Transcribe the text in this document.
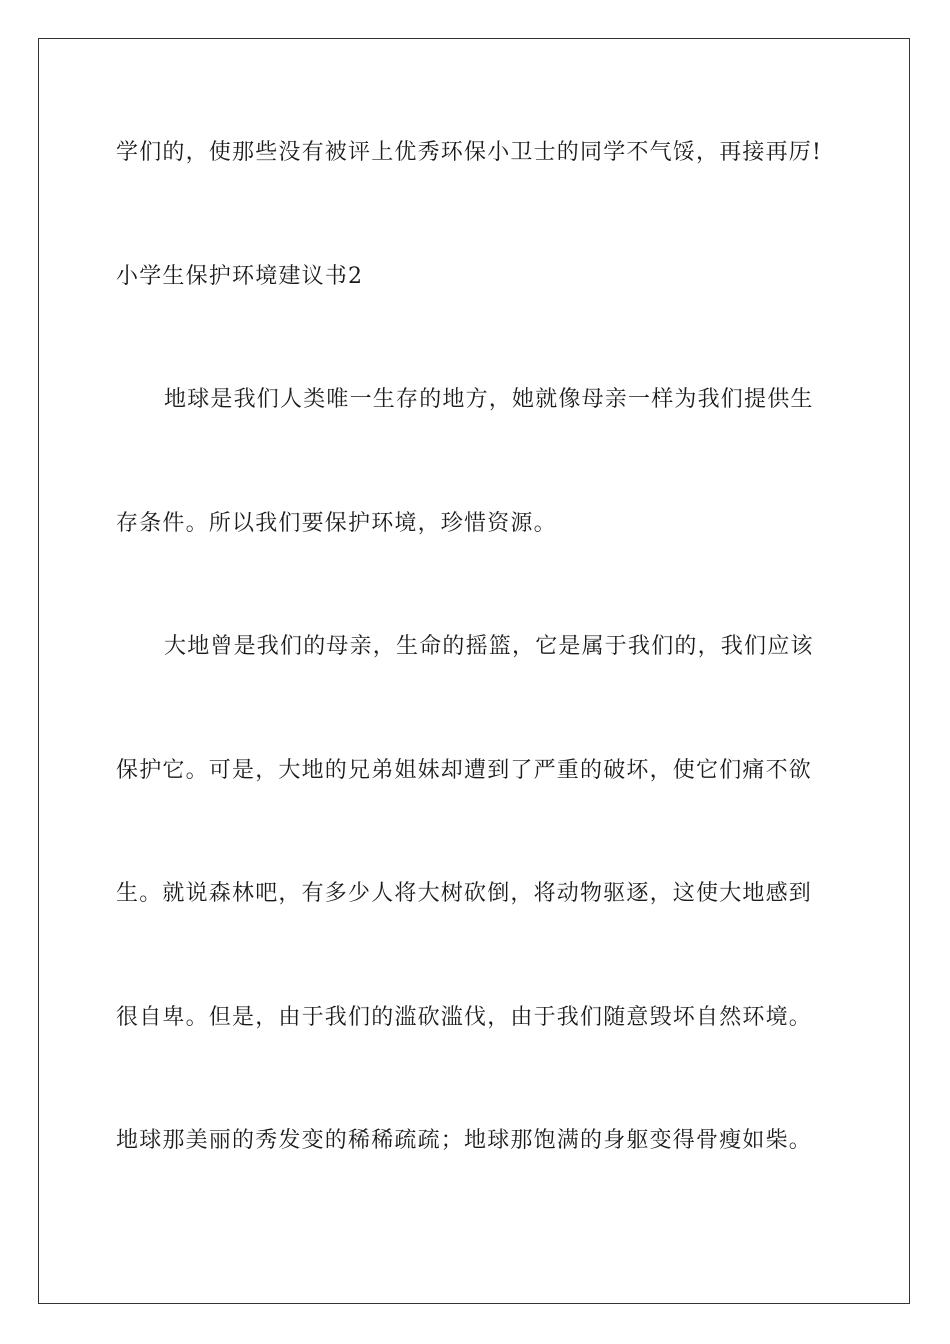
学们的，使那些没有被评上优秀环保小卫士的同学不气馁，再接再厉!
小学生保护环境建议书2
地球是我们人类唯一生存的地方，她就像母亲一样为我们提供生
存条件。所以我们要保护环境，珍惜资源。
大地曾是我们的母亲，生命的摇篮，它是属于我们的，我们应该
保护它。可是，大地的兄弟姐妹却遭到了严重的破坏，使它们痛不欲
生。就说森林吧，有多少人将大树砍倒，将动物驱逐，这使大地感到
很自卑。但是，由于我们的滥砍滥伐，由于我们随意毁坏自然环境。
地球那美丽的秀发变的稀稀疏疏；地球那饱满的身躯变得骨瘦如柴。
